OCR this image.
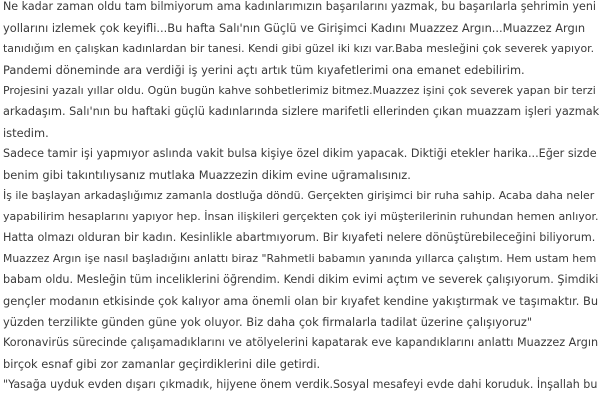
Ne kadar zaman oldu tam bilmiyorum ama kadınlarımızın başarılarını yazmak, bu başarılarla şehrimin yeni
yollarını izlemek çok keyifli...Bu hafta Salı'nın Güçlü ve Girişimci Kadını Muazzez Argın...Muazzez Argın
tanıdığım en çalışkan kadınlardan bir tanesi. Kendi gibi güzel iki kızı var.Baba mesleğini çok severek yapıyor.
Pandemi döneminde ara verdiği iş yerini açtı artık tüm kıyafetlerimi ona emanet edebilirim.
Projesini yazalı yıllar oldu. Ogün bugün kahve sohbetlerimiz bitmez.Muazzez işini çok severek yapan bir terzi
arkadaşım. Salı'nın bu haftaki güçlü kadınlarında sizlere marifetli ellerinden çıkan muazzam işleri yazmak
istedim.
Sadece tamir işi yapmıyor aslında vakit bulsa kişiye özel dikim yapacak. Diktiği etekler harika...Eğer sizde
benim gibi takıntılıysanız mutlaka Muazzezin dikim evine uğramalısınız.
İş ile başlayan arkadaşlığımız zamanla dostluğa döndü. Gerçekten girişimci bir ruha sahip. Acaba daha neler
yapabilirim hesaplarını yapıyor hep. İnsan ilişkileri gerçekten çok iyi müşterilerinin ruhundan hemen anlıyor.
Hatta olmazı olduran bir kadın. Kesinlikle abartmıyorum. Bir kıyafeti nelere dönüştürebileceğini biliyorum.
Muazzez Argın işe nasıl başladığını anlattı biraz "Rahmetli babamın yanında yıllarca çalıştım. Hem ustam hem
babam oldu. Mesleğin tüm inceliklerini öğrendim. Kendi dikim evimi açtım ve severek çalışıyorum. Şimdiki
gençler modanın etkisinde çok kalıyor ama önemli olan bir kıyafet kendine yakıştırmak ve taşımaktır. Bu
yüzden terzilikte günden güne yok oluyor. Biz daha çok firmalarla tadilat üzerine çalışıyoruz"
Koronavirüs sürecinde çalışamadıklarını ve atölyelerini kapatarak eve kapandıklarını anlattı Muazzez Argın
birçok esnaf gibi zor zamanlar geçirdiklerini dile getirdi.
"Yasağa uyduk evden dışarı çıkmadık, hijyene önem verdik.Sosyal mesafeyi evde dahi koruduk. İnşallah bu
